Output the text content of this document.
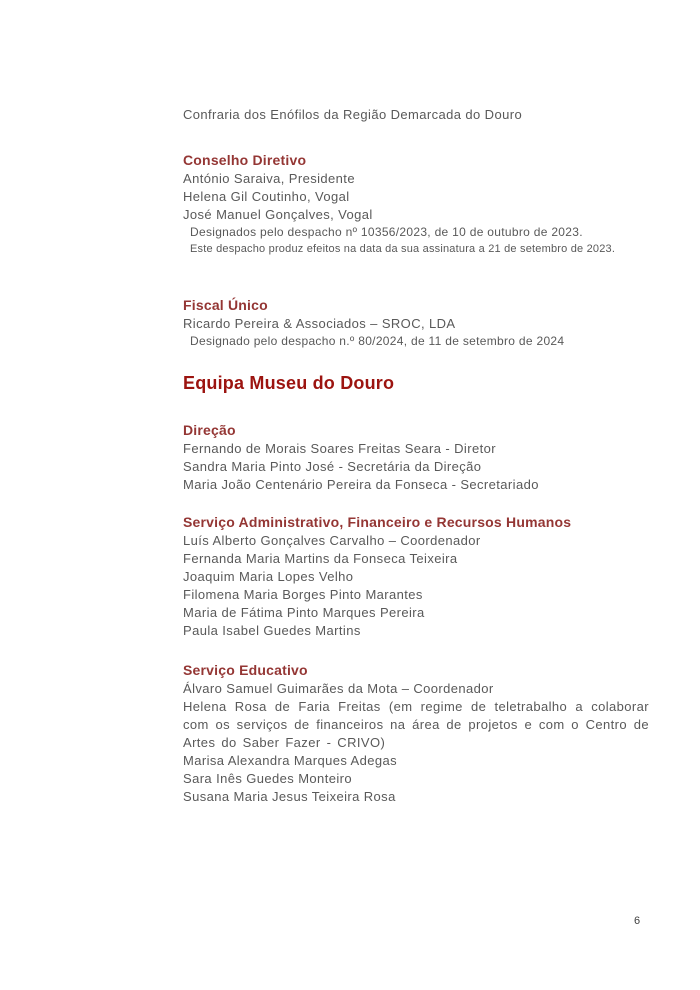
Confraria dos Enófilos da Região Demarcada do Douro
Conselho Diretivo
António Saraiva, Presidente
Helena Gil Coutinho, Vogal
José Manuel Gonçalves, Vogal
Designados pelo despacho nº 10356/2023, de 10 de outubro de 2023.
Este despacho produz efeitos na data da sua assinatura a 21 de setembro de 2023.
Fiscal Único
Ricardo Pereira & Associados – SROC, LDA
Designado pelo despacho n.º 80/2024, de 11 de setembro de 2024
Equipa Museu do Douro
Direção
Fernando de Morais Soares Freitas Seara - Diretor
Sandra Maria Pinto José - Secretária da Direção
Maria João Centenário Pereira da Fonseca - Secretariado
Serviço Administrativo, Financeiro e Recursos Humanos
Luís Alberto Gonçalves Carvalho – Coordenador
Fernanda Maria Martins da Fonseca Teixeira
Joaquim Maria Lopes Velho
Filomena Maria Borges Pinto Marantes
Maria de Fátima Pinto Marques Pereira
Paula Isabel Guedes Martins
Serviço Educativo
Álvaro Samuel Guimarães da Mota – Coordenador
Helena Rosa de Faria Freitas (em regime de teletrabalho a colaborar com os serviços de financeiros na área de projetos e com o Centro de Artes do Saber Fazer - CRIVO)
Marisa Alexandra Marques Adegas
Sara Inês Guedes Monteiro
Susana Maria Jesus Teixeira Rosa
6
